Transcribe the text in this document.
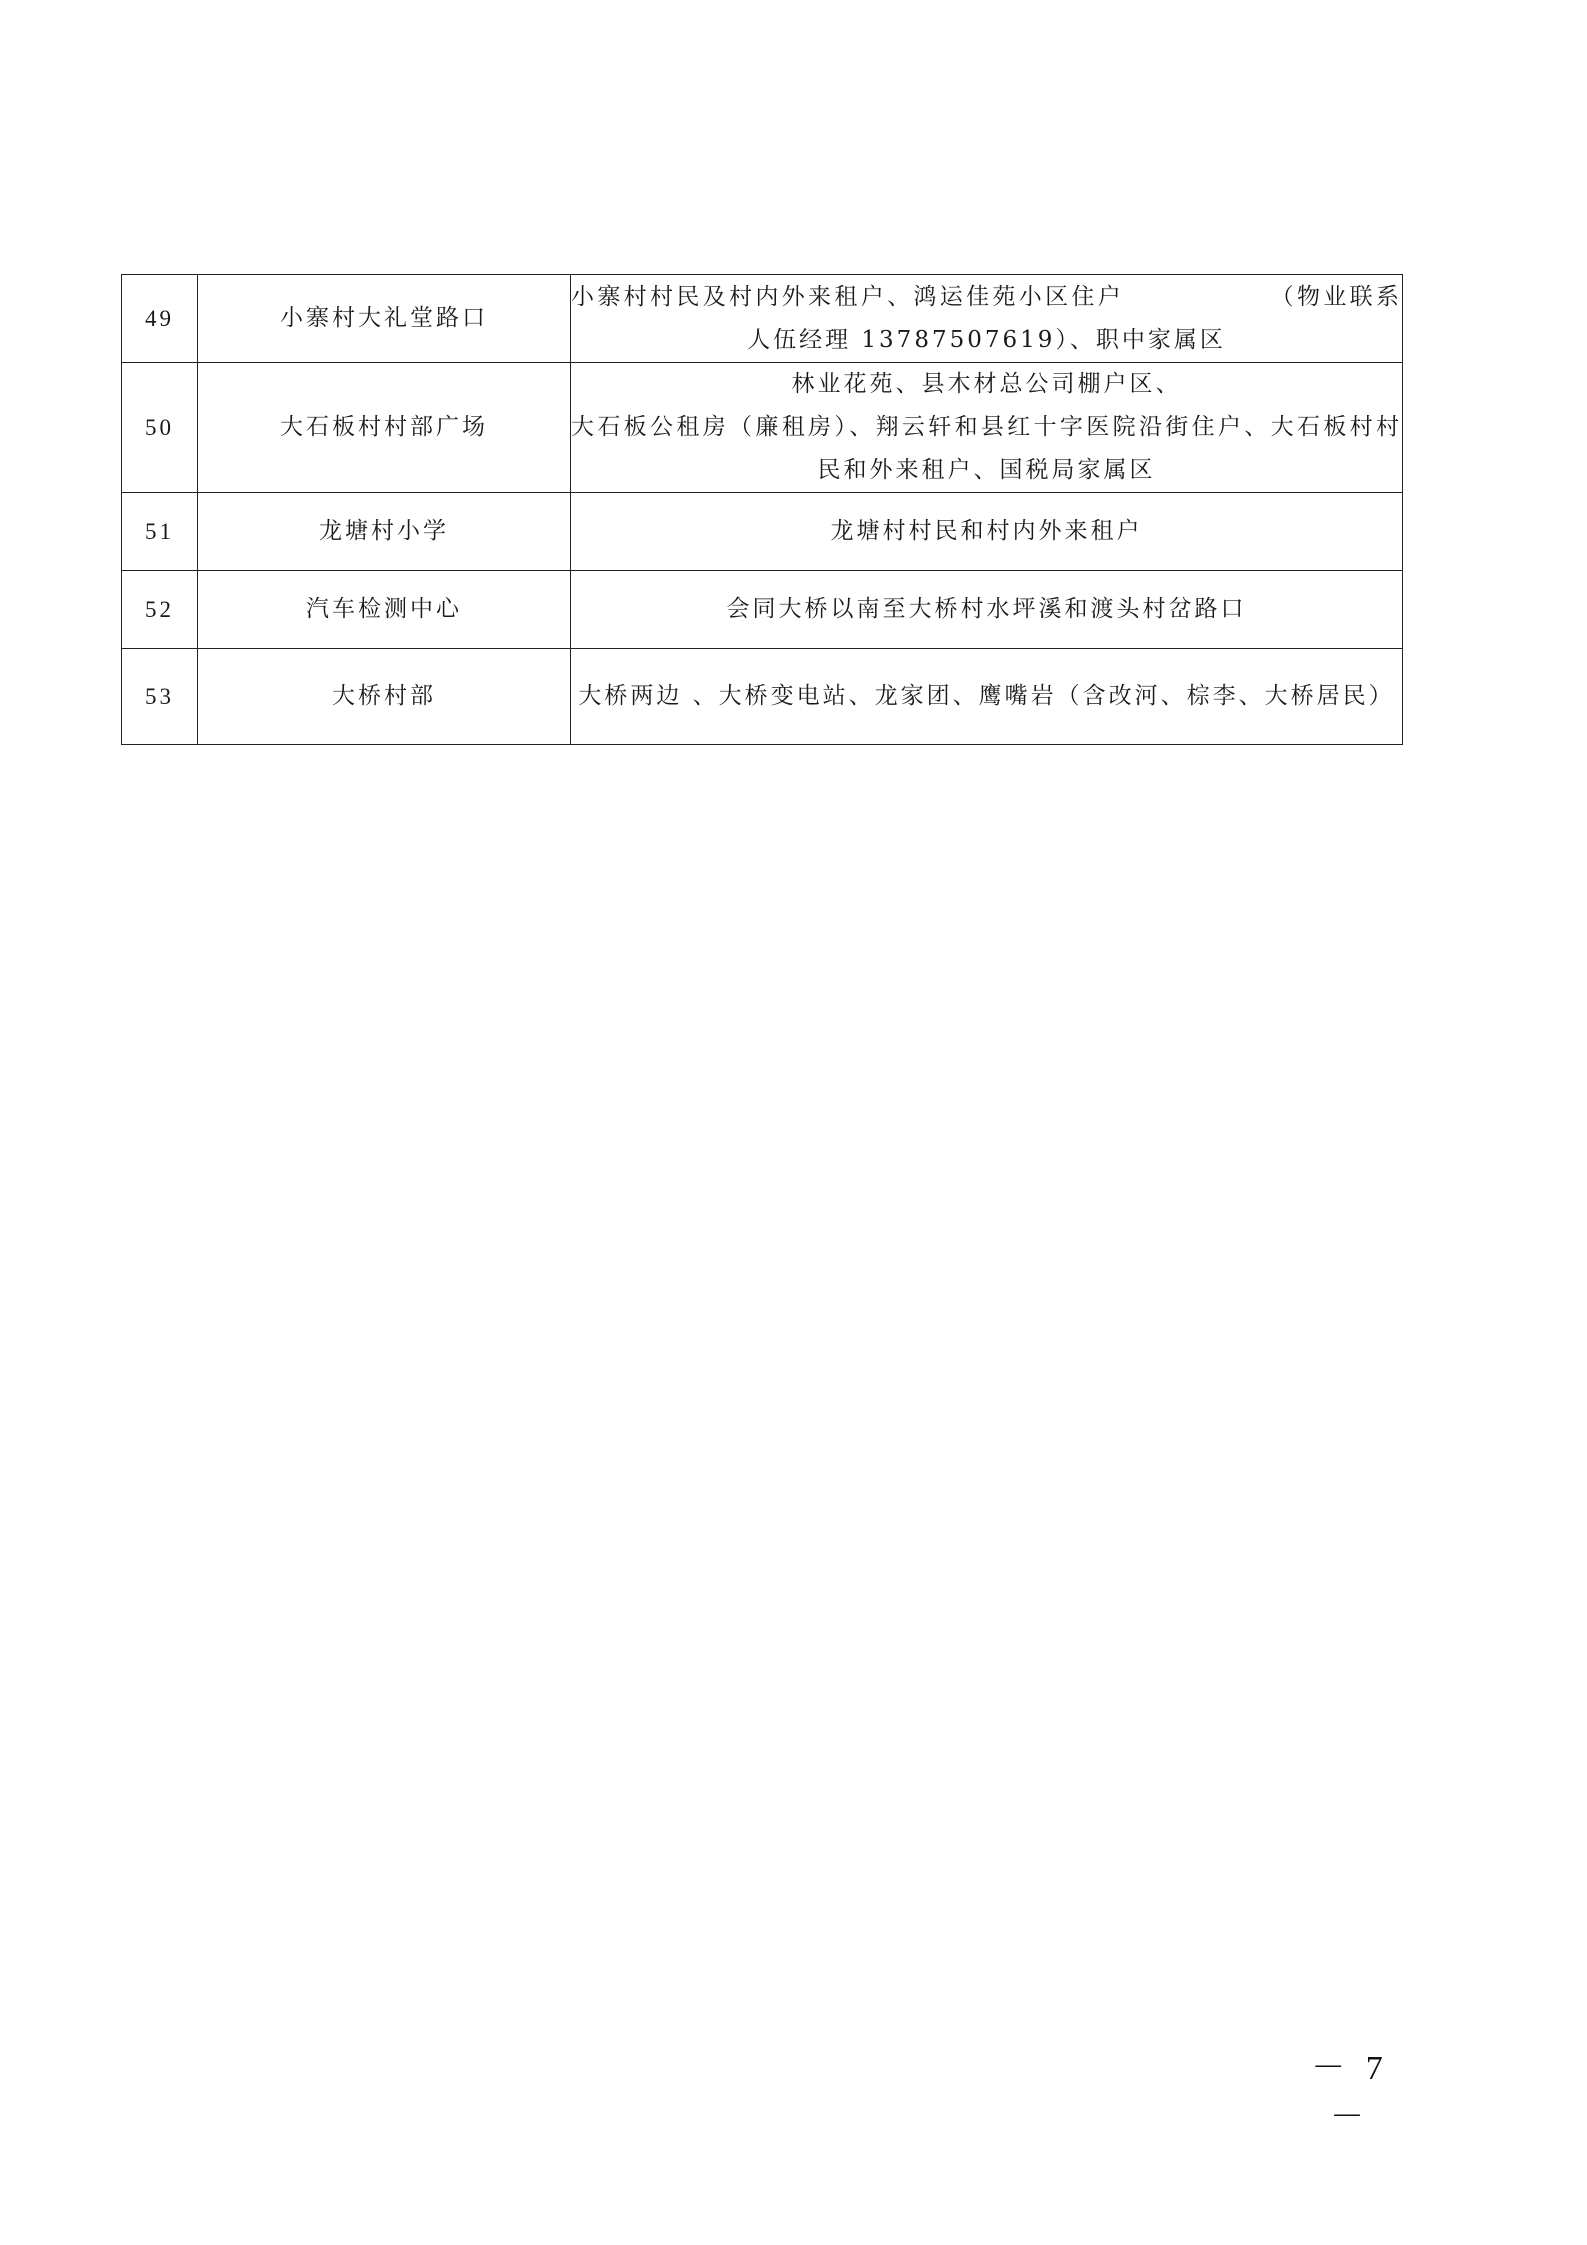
49	小寨村大礼堂路口	小寨村村民及村内外来租户、鸿运佳苑小区住户　　　　　　（物业联系人伍经理 13787507619）、职中家属区
50	大石板村村部广场	林业花苑、县木材总公司棚户区、
大石板公租房（廉租房）、翔云轩和县红十字医院沿街住户、大石板村村民和外来租户、国税局家属区
51	龙塘村小学	龙塘村村民和村内外来租户
52	汽车检测中心	会同大桥以南至大桥村水坪溪和渡头村岔路口
53	大桥村部	大桥两边 、大桥变电站、龙家团、鹰嘴岩（含改河、棕李、大桥居民）
－ 7 －
